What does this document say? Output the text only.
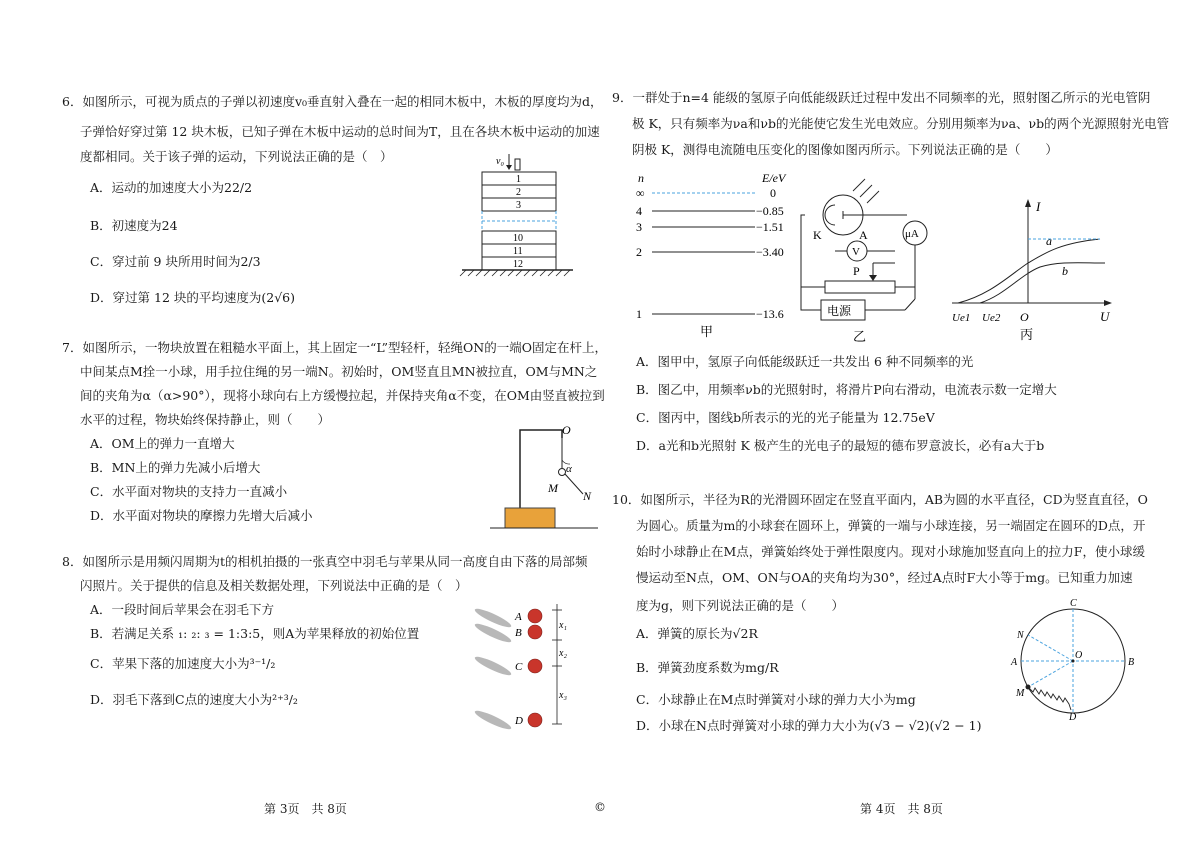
6．如图所示，可视为质点的子弹以初速度v₀垂直射入叠在一起的相同木板中，木板的厚度均为d，
子弹恰好穿过第 12 块木板，已知子弹在木板中运动的总时间为T，且在各块木板中运动的加速
度都相同。关于该子弹的运动，下列说法正确的是（　）
A．运动的加速度大小为22/2
B．初速度为24
C．穿过前 9 块所用时间为2/3
D．穿过第 12 块的平均速度为(2√6)
v₀
1
2
3
10
11
12
7．如图所示，一物块放置在粗糙水平面上，其上固定一“L”型轻杆，轻绳ON的一端O固定在杆上，
中间某点M拴一小球，用手拉住绳的另一端N。初始时，OM竖直且MN被拉直，OM与MN之
间的夹角为α（α>90°），现将小球向右上方缓慢拉起，并保持夹角α不变，在OM由竖直被拉到
水平的过程，物块始终保持静止，则（　　）
A．OM上的弹力一直增大
B．MN上的弹力先减小后增大
C．水平面对物块的支持力一直减小
D．水平面对物块的摩擦力先增大后减小
O
α
M
N
8．如图所示是用频闪周期为t的相机拍摄的一张真空中羽毛与苹果从同一高度自由下落的局部频
闪照片。关于提供的信息及相关数据处理，下列说法中正确的是（　）
A．一段时间后苹果会在羽毛下方
B．若满足关系 ₁: ₂: ₃ = 1:3:5，则A为苹果释放的初始位置
C．苹果下落的加速度大小为³⁻¹/₂
D．羽毛下落到C点的速度大小为²⁺³/₂
A
B
C
D
x₁
x₂
x₃
9．一群处于n=4 能级的氢原子向低能级跃迁过程中发出不同频率的光，照射图乙所示的光电管阴
极 K，只有频率为νa和νb的光能使它发生光电效应。分别用频率为νa、νb的两个光源照射光电管
阴极 K，测得电流随电压变化的图像如图丙所示。下列说法正确的是（　　）
n	E/eV
∞
4
3
2
1
0
−0.85
−1.51
−3.40
−13.6
甲
K	A	μA
V
P
电源
乙
I
a
b
Ue1 Ue2 O	U
丙
A．图甲中，氢原子向低能级跃迁一共发出 6 种不同频率的光
B．图乙中，用频率νb的光照射时，将滑片P向右滑动，电流表示数一定增大
C．图丙中，图线b所表示的光的光子能量为 12.75eV
D．a光和b光照射 K 极产生的光电子的最短的德布罗意波长，必有a大于b
10．如图所示，半径为R的光滑圆环固定在竖直平面内，AB为圆的水平直径，CD为竖直直径，O
为圆心。质量为m的小球套在圆环上，弹簧的一端与小球连接，另一端固定在圆环的D点，开
始时小球静止在M点，弹簧始终处于弹性限度内。现对小球施加竖直向上的拉力F，使小球缓
慢运动至N点，OM、ON与OA的夹角均为30°，经过A点时F大小等于mg。已知重力加速
度为g，则下列说法正确的是（　　）
A．弹簧的原长为√2R
B．弹簧劲度系数为mg/R
C．小球静止在M点时弹簧对小球的弹力大小为mg
D．小球在N点时弹簧对小球的弹力大小为(√3 − √2)(√2 − 1)
C
N
O
A	B
M
D
第 3页　共 8页	©	第 4页　共 8页
